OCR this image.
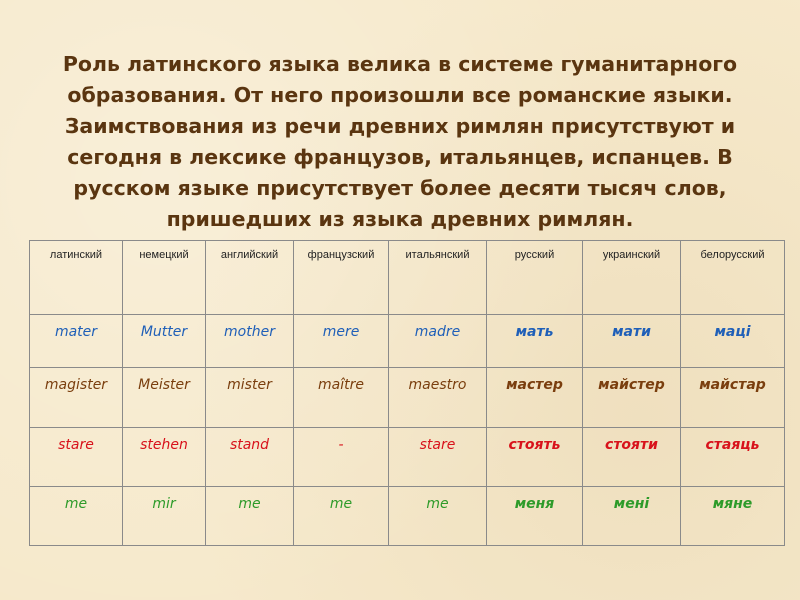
Роль латинского языка велика в системе гуманитарного образования. От него произошли все романские языки. Заимствования из речи древних римлян присутствуют и сегодня в лексике французов, итальянцев, испанцев. В русском языке присутствует более десяти тысяч слов, пришедших из языка древних римлян.

латинский	немецкий	английский	французский	итальянский	русский	украинский	белорусский
mater	Mutter	mother	mere	madre	мать	мати	маці
magister	Meister	mister	maître	maestro	мастер	майстер	майстар
stare	stehen	stand	-	stare	стоять	стояти	стаяць
me	mir	me	me	me	меня	мені	мяне
